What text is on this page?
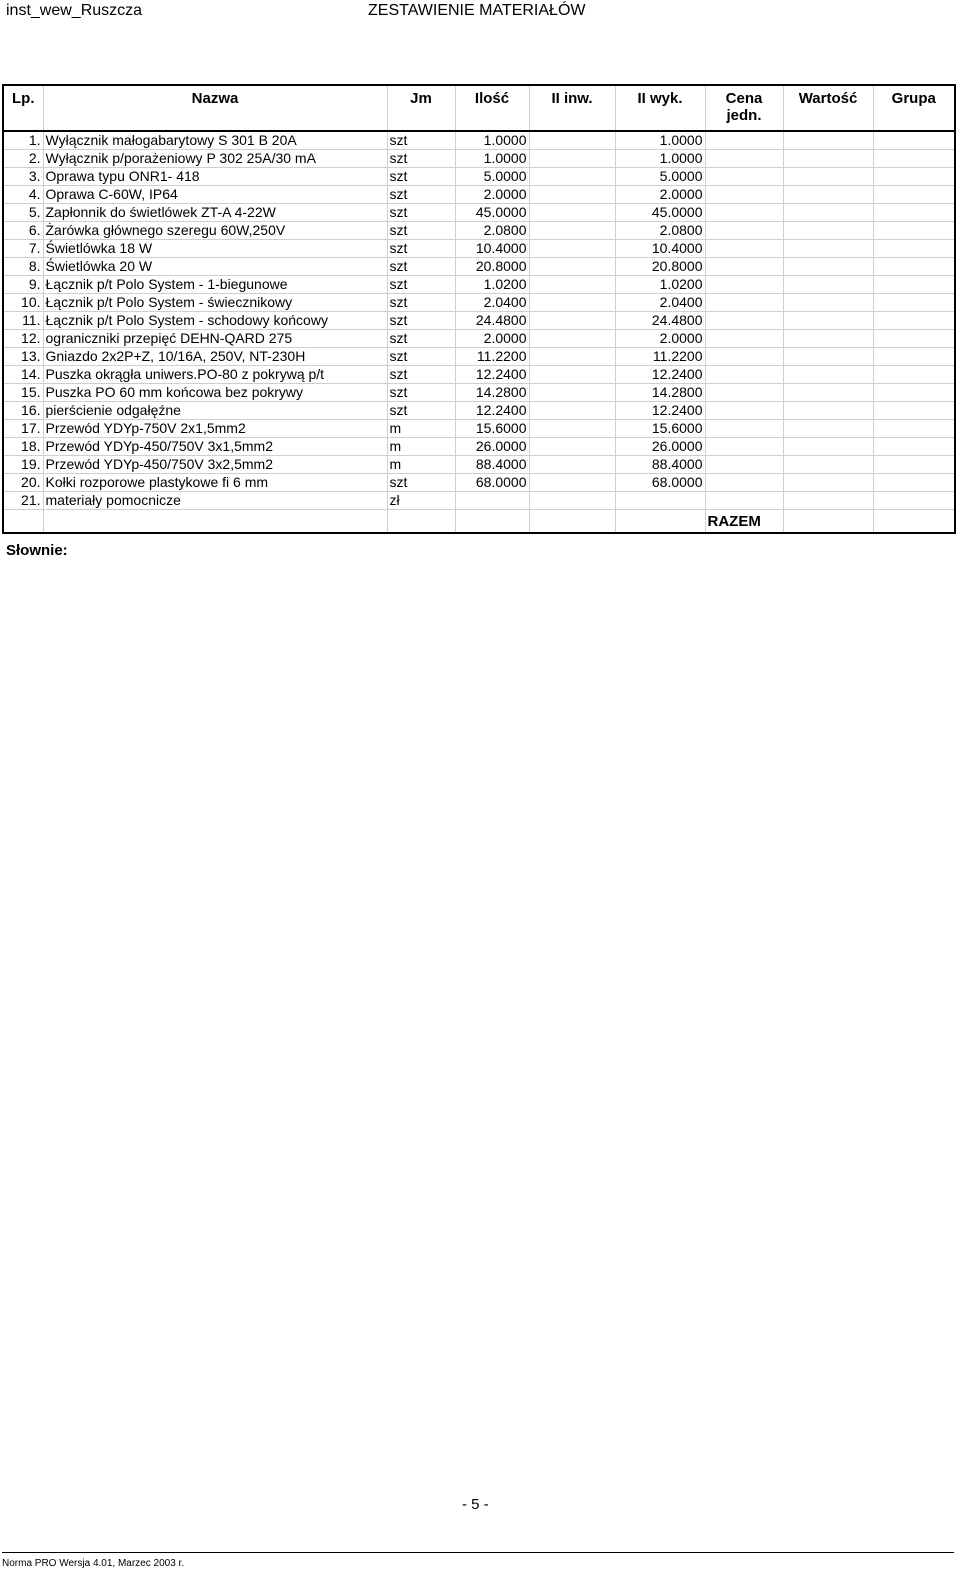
inst_wew_Ruszcza	ZESTAWIENIE MATERIAŁÓW
Lp.	Nazwa	Jm	Ilość	II inw.	II wyk.	Cena jedn.	Wartość	Grupa
1.	Wyłącznik małogabarytowy S 301 B 20A	szt	1.0000		1.0000			
2.	Wyłącznik p/porażeniowy P 302 25A/30 mA	szt	1.0000		1.0000			
3.	Oprawa typu ONR1- 418	szt	5.0000		5.0000			
4.	Oprawa C-60W, IP64	szt	2.0000		2.0000			
5.	Zapłonnik do świetlówek ZT-A 4-22W	szt	45.0000		45.0000			
6.	Żarówka głównego szeregu 60W,250V	szt	2.0800		2.0800			
7.	Świetlówka 18 W	szt	10.4000		10.4000			
8.	Świetlówka 20 W	szt	20.8000		20.8000			
9.	Łącznik p/t Polo System - 1-biegunowe	szt	1.0200		1.0200			
10.	Łącznik p/t Polo System - świecznikowy	szt	2.0400		2.0400			
11.	Łącznik p/t Polo System - schodowy końcowy	szt	24.4800		24.4800			
12.	ograniczniki przepięć DEHN-QARD 275	szt	2.0000		2.0000			
13.	Gniazdo 2x2P+Z, 10/16A, 250V, NT-230H	szt	11.2200		11.2200			
14.	Puszka okrągła uniwers.PO-80 z pokrywą p/t	szt	12.2400		12.2400			
15.	Puszka PO 60 mm końcowa bez pokrywy	szt	14.2800		14.2800			
16.	pierścienie odgałęźne	szt	12.2400		12.2400			
17.	Przewód YDYp-750V 2x1,5mm2	m	15.6000		15.6000			
18.	Przewód YDYp-450/750V 3x1,5mm2	m	26.0000		26.0000			
19.	Przewód YDYp-450/750V 3x2,5mm2	m	88.4000		88.4000			
20.	Kołki rozporowe plastykowe fi 6 mm	szt	68.0000		68.0000			
21.	materiały pomocnicze	zł						
						RAZEM		
Słownie:
- 5 -
Norma PRO Wersja 4.01, Marzec 2003 r.
